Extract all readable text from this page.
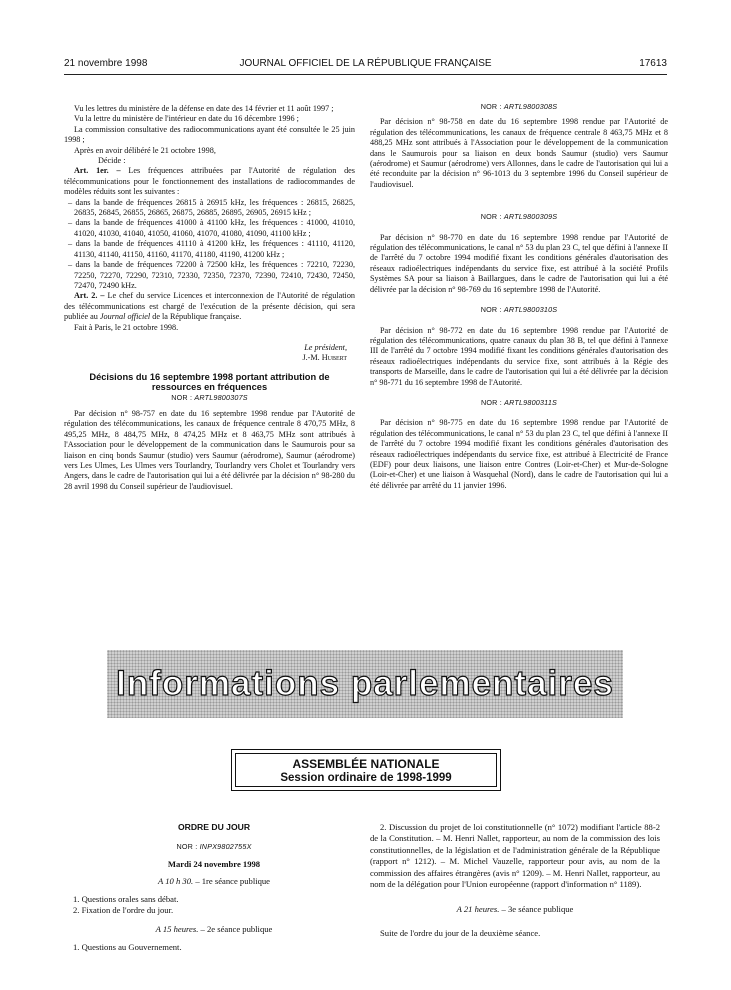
21 novembre 1998	JOURNAL OFFICIEL DE LA RÉPUBLIQUE FRANÇAISE	17613

Vu les lettres du ministère de la défense en date des 14 février et 11 août 1997 ;

Vu la lettre du ministère de l'intérieur en date du 16 décembre 1996 ;

La commission consultative des radiocommunications ayant été consultée le 25 juin 1998 ;

Après en avoir délibéré le 21 octobre 1998,

Décide :

Art. 1er. – Les fréquences attribuées par l'Autorité de régulation des télécommunications pour le fonctionnement des installations de radiocommandes de modèles réduits sont les suivantes :

– dans la bande de fréquences 26815 à 26915 kHz, les fréquences : 26815, 26825, 26835, 26845, 26855, 26865, 26875, 26885, 26895, 26905, 26915 kHz ;

– dans la bande de fréquences 41000 à 41100 kHz, les fréquences : 41000, 41010, 41020, 41030, 41040, 41050, 41060, 41070, 41080, 41090, 41100 kHz ;

– dans la bande de fréquences 41110 à 41200 kHz, les fréquences : 41110, 41120, 41130, 41140, 41150, 41160, 41170, 41180, 41190, 41200 kHz ;

– dans la bande de fréquences 72200 à 72500 kHz, les fréquences : 72210, 72230, 72250, 72270, 72290, 72310, 72330, 72350, 72370, 72390, 72410, 72430, 72450, 72470, 72490 kHz.

Art. 2. – Le chef du service Licences et interconnexion de l'Autorité de régulation des télécommunications est chargé de l'exécution de la présente décision, qui sera publiée au Journal officiel de la République française.

Fait à Paris, le 21 octobre 1998.

Le président,

J.-M. Hubert

Décisions du 16 septembre 1998 portant attribution de ressources en fréquences

NOR : ARTL9800307S

Par décision n° 98-757 en date du 16 septembre 1998 rendue par l'Autorité de régulation des télécommunications, les canaux de fréquence centrale 8 470,75 MHz, 8 495,25 MHz, 8 484,75 MHz, 8 474,25 MHz et 8 463,75 MHz sont attribués à l'Association pour le développement de la communication dans le Saumurois pour sa liaison en cinq bonds Saumur (studio) vers Saumur (aérodrome), Saumur (aérodrome) vers Les Ulmes, Les Ulmes vers Tourlandry, Tourlandry vers Cholet et Tourlandry vers Angers, dans le cadre de l'autorisation qui lui a été délivrée par la décision n° 98-280 du 28 avril 1998 du Conseil supérieur de l'audiovisuel.

NOR : ARTL9800308S

Par décision n° 98-758 en date du 16 septembre 1998 rendue par l'Autorité de régulation des télécommunications, les canaux de fréquence centrale 8 463,75 MHz et 8 488,25 MHz sont attribués à l'Association pour le développement de la communication dans le Saumurois pour sa liaison en deux bonds Saumur (studio) vers Saumur (aérodrome) et Saumur (aérodrome) vers Allonnes, dans le cadre de l'autorisation qui lui a été reconduite par la décision n° 96-1013 du 3 septembre 1996 du Conseil supérieur de l'audiovisuel.

NOR : ARTL9800309S

Par décision n° 98-770 en date du 16 septembre 1998 rendue par l'Autorité de régulation des télécommunications, le canal n° 53 du plan 23 C, tel que défini à l'annexe II de l'arrêté du 7 octobre 1994 modifié fixant les conditions générales d'autorisation des réseaux radioélectriques indépendants du service fixe, est attribué à la société Profils Systèmes SA pour sa liaison à Baillargues, dans le cadre de l'autorisation qui lui a été délivrée par la décision n° 98-769 du 16 septembre 1998 de l'Autorité.

NOR : ARTL9800310S

Par décision n° 98-772 en date du 16 septembre 1998 rendue par l'Autorité de régulation des télécommunications, quatre canaux du plan 38 B, tel que défini à l'annexe III de l'arrêté du 7 octobre 1994 modifié fixant les conditions générales d'autorisation des réseaux radioélectriques indépendants du service fixe, sont attribués à la Régie des transports de Marseille, dans le cadre de l'autorisation qui lui a été délivrée par la décision n° 98-771 du 16 septembre 1998 de l'Autorité.

NOR : ARTL9800311S

Par décision n° 98-775 en date du 16 septembre 1998 rendue par l'Autorité de régulation des télécommunications, le canal n° 53 du plan 23 C, tel que défini à l'annexe II de l'arrêté du 7 octobre 1994 modifié fixant les conditions générales d'autorisation des réseaux radioélectriques indépendants du service fixe, est attribué à Electricité de France (EDF) pour deux liaisons, une liaison entre Contres (Loir-et-Cher) et Mur-de-Sologne (Loir-et-Cher) et une liaison à Wasquehal (Nord), dans le cadre de l'autorisation qui lui a été délivrée par arrêté du 11 janvier 1996.

Informations parlementaires
ASSEMBLÉE NATIONALE
Session ordinaire de 1998-1999

ORDRE DU JOUR

NOR : INPX9802755X

Mardi 24 novembre 1998

A 10 h 30. – 1re séance publique

1. Questions orales sans débat.

2. Fixation de l'ordre du jour.

A 15 heures. – 2e séance publique

1. Questions au Gouvernement.

2. Discussion du projet de loi constitutionnelle (n° 1072) modifiant l'article 88-2 de la Constitution. – M. Henri Nallet, rapporteur, au nom de la commission des lois constitutionnelles, de la législation et de l'administration générale de la République (rapport n° 1212). – M. Michel Vauzelle, rapporteur pour avis, au nom de la commission des affaires étrangères (avis n° 1209). – M. Henri Nallet, rapporteur, au nom de la délégation pour l'Union européenne (rapport d'information n° 1189).

A 21 heures. – 3e séance publique

Suite de l'ordre du jour de la deuxième séance.
